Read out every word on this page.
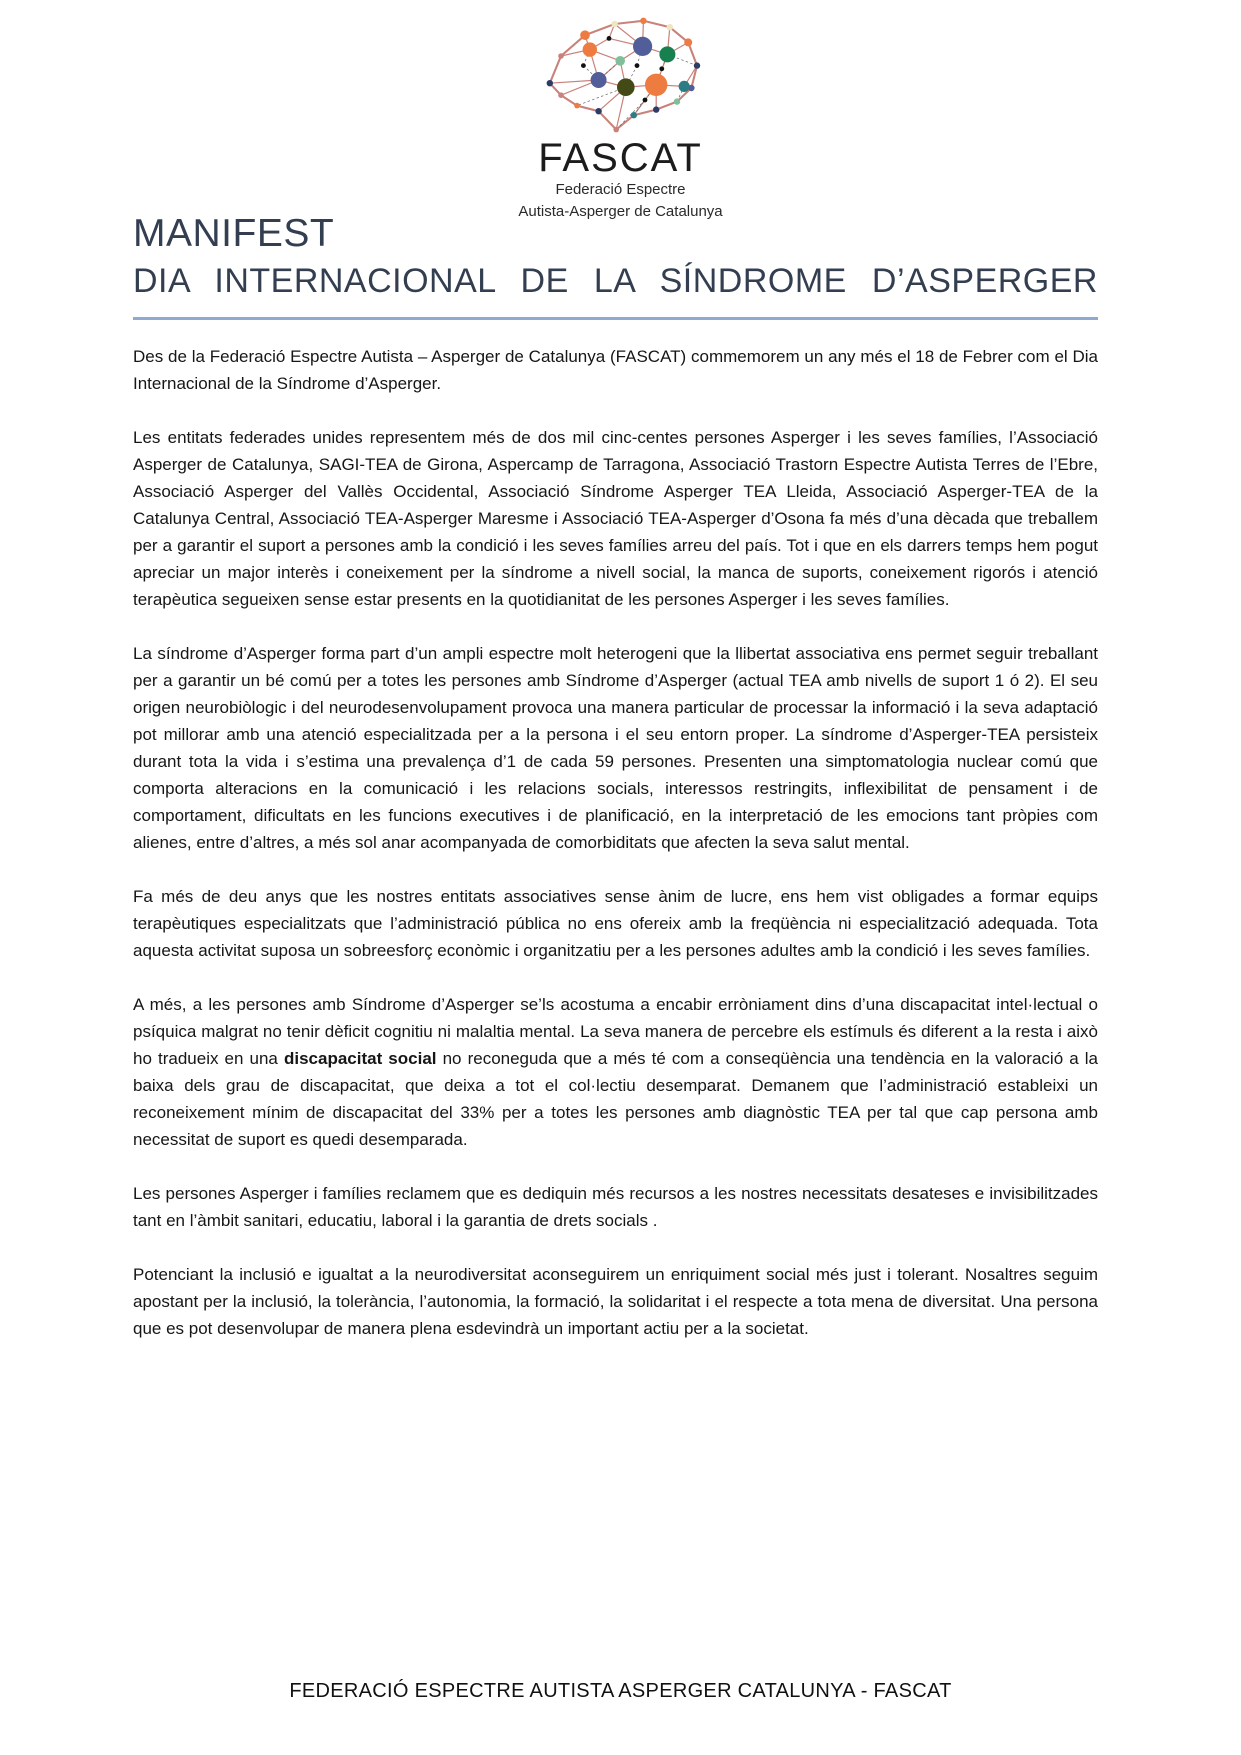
FASCAT
Federació Espectre
Autista-Asperger de Catalunya
MANIFEST
DIA INTERNACIONAL DE LA SÍNDROME D’ASPERGER

Des de la Federació Espectre Autista – Asperger de Catalunya (FASCAT) commemorem un any més el 18 de Febrer com el Dia Internacional de la Síndrome d’Asperger.

Les entitats federades unides representem més de dos mil cinc-centes persones Asperger i les seves famílies, l’Associació Asperger de Catalunya, SAGI-TEA de Girona, Aspercamp de Tarragona, Associació Trastorn Espectre Autista Terres de l’Ebre, Associació Asperger del Vallès Occidental, Associació Síndrome Asperger TEA Lleida, Associació Asperger-TEA de la Catalunya Central, Associació TEA-Asperger Maresme i Associació TEA-Asperger d’Osona fa més d’una dècada que treballem per a garantir el suport a persones amb la condició i les seves famílies arreu del país. Tot i que en els darrers temps hem pogut apreciar un major interès i coneixement per la síndrome a nivell social, la manca de suports, coneixement rigorós i atenció terapèutica segueixen sense estar presents en la quotidianitat de les persones Asperger i les seves famílies.

La síndrome d’Asperger forma part d’un ampli espectre molt heterogeni que la llibertat associativa ens permet seguir treballant per a garantir un bé comú per a totes les persones amb Síndrome d’Asperger (actual TEA amb nivells de suport 1 ó 2). El seu origen neurobiòlogic i del neurodesenvolupament provoca una manera particular de processar la informació i la seva adaptació pot millorar amb una atenció especialitzada per a la persona i el seu entorn proper. La síndrome d’Asperger-TEA persisteix durant tota la vida i s’estima una prevalença d’1 de cada 59 persones. Presenten una simptomatologia nuclear comú que comporta alteracions en la comunicació i les relacions socials, interessos restringits, inflexibilitat de pensament i de comportament, dificultats en les funcions executives i de planificació, en la interpretació de les emocions tant pròpies com alienes, entre d’altres, a més sol anar acompanyada de comorbiditats que afecten la seva salut mental.

Fa més de deu anys que les nostres entitats associatives sense ànim de lucre, ens hem vist obligades a formar equips terapèutiques especialitzats que l’administració pública no ens ofereix amb la freqüència ni especialització adequada. Tota aquesta activitat suposa un sobreesforç econòmic i organitzatiu per a les persones adultes amb la condició i les seves famílies.

A més, a les persones amb Síndrome d’Asperger se’ls acostuma a encabir erròniament dins d’una discapacitat intel·lectual o psíquica malgrat no tenir dèficit cognitiu ni malaltia mental. La seva manera de percebre els estímuls és diferent a la resta i això ho tradueix en una discapacitat social no reconeguda que a més té com a conseqüència una tendència en la valoració a la baixa dels grau de discapacitat, que deixa a tot el col·lectiu desemparat. Demanem que l’administració estableixi un reconeixement mínim de discapacitat del 33% per a totes les persones amb diagnòstic TEA per tal que cap persona amb necessitat de suport es quedi desemparada.

Les persones Asperger i famílies reclamem que es dediquin més recursos a les nostres necessitats desateses e invisibilitzades tant en l’àmbit sanitari, educatiu, laboral i la garantia de drets socials .

Potenciant la inclusió e igualtat a la neurodiversitat aconseguirem un enriquiment social més just i tolerant. Nosaltres seguim apostant per la inclusió, la tolerància, l’autonomia, la formació, la solidaritat i el respecte a tota mena de diversitat. Una persona que es pot desenvolupar de manera plena esdevindrà un important actiu per a la societat.

FEDERACIÓ ESPECTRE AUTISTA ASPERGER CATALUNYA - FASCAT
